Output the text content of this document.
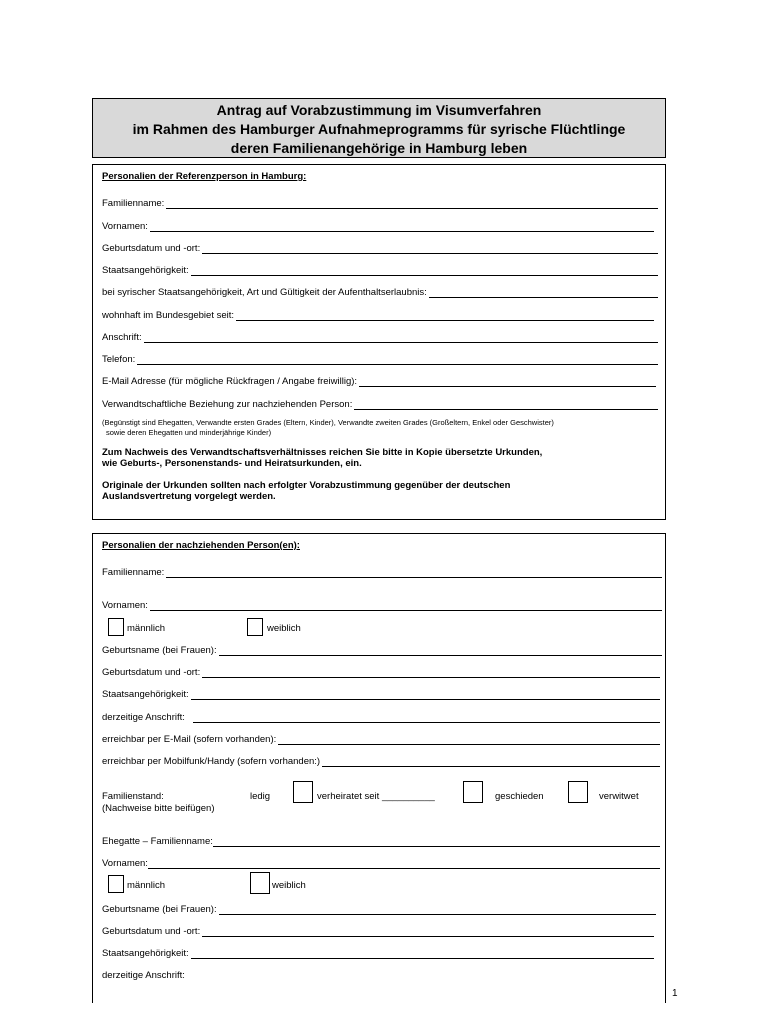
Antrag auf Vorabzustimmung im Visumverfahren
im Rahmen des Hamburger Aufnahmeprogramms für syrische Flüchtlinge
deren Familienangehörige in Hamburg leben
Personalien der Referenzperson in Hamburg:
Familienname:
Vornamen:
Geburtsdatum und -ort:
Staatsangehörigkeit:
bei syrischer Staatsangehörigkeit, Art und Gültigkeit der Aufenthaltserlaubnis:
wohnhaft im Bundesgebiet seit:
Anschrift:
Telefon:
E-Mail Adresse (für mögliche Rückfragen / Angabe freiwillig):
Verwandtschaftliche Beziehung zur nachziehenden Person:
(Begünstigt sind Ehegatten, Verwandte ersten Grades (Eltern, Kinder), Verwandte zweiten Grades (Großeltern, Enkel oder Geschwister)
sowie deren Ehegatten und minderjährige Kinder)
Zum Nachweis des Verwandtschaftsverhältnisses reichen Sie bitte in Kopie übersetzte Urkunden,
wie Geburts-, Personenstands- und Heiratsurkunden, ein.
Originale der Urkunden sollten nach erfolgter Vorabzustimmung gegenüber der deutschen
Auslandsvertretung vorgelegt werden.
Personalien der nachziehenden Person(en):
Familienname:
Vornamen:
männlich	weiblich
Geburtsname (bei Frauen):
Geburtsdatum und -ort:
Staatsangehörigkeit:
derzeitige Anschrift:
erreichbar per E-Mail (sofern vorhanden):
erreichbar per Mobilfunk/Handy (sofern vorhanden:)
Familienstand:
(Nachweise bitte beifügen)
ledig	verheiratet seit __________	geschieden	verwitwet
Ehegatte – Familienname:
Vornamen:
männlich	weiblich
Geburtsname (bei Frauen):
Geburtsdatum und -ort:
Staatsangehörigkeit:
derzeitige Anschrift:
1
